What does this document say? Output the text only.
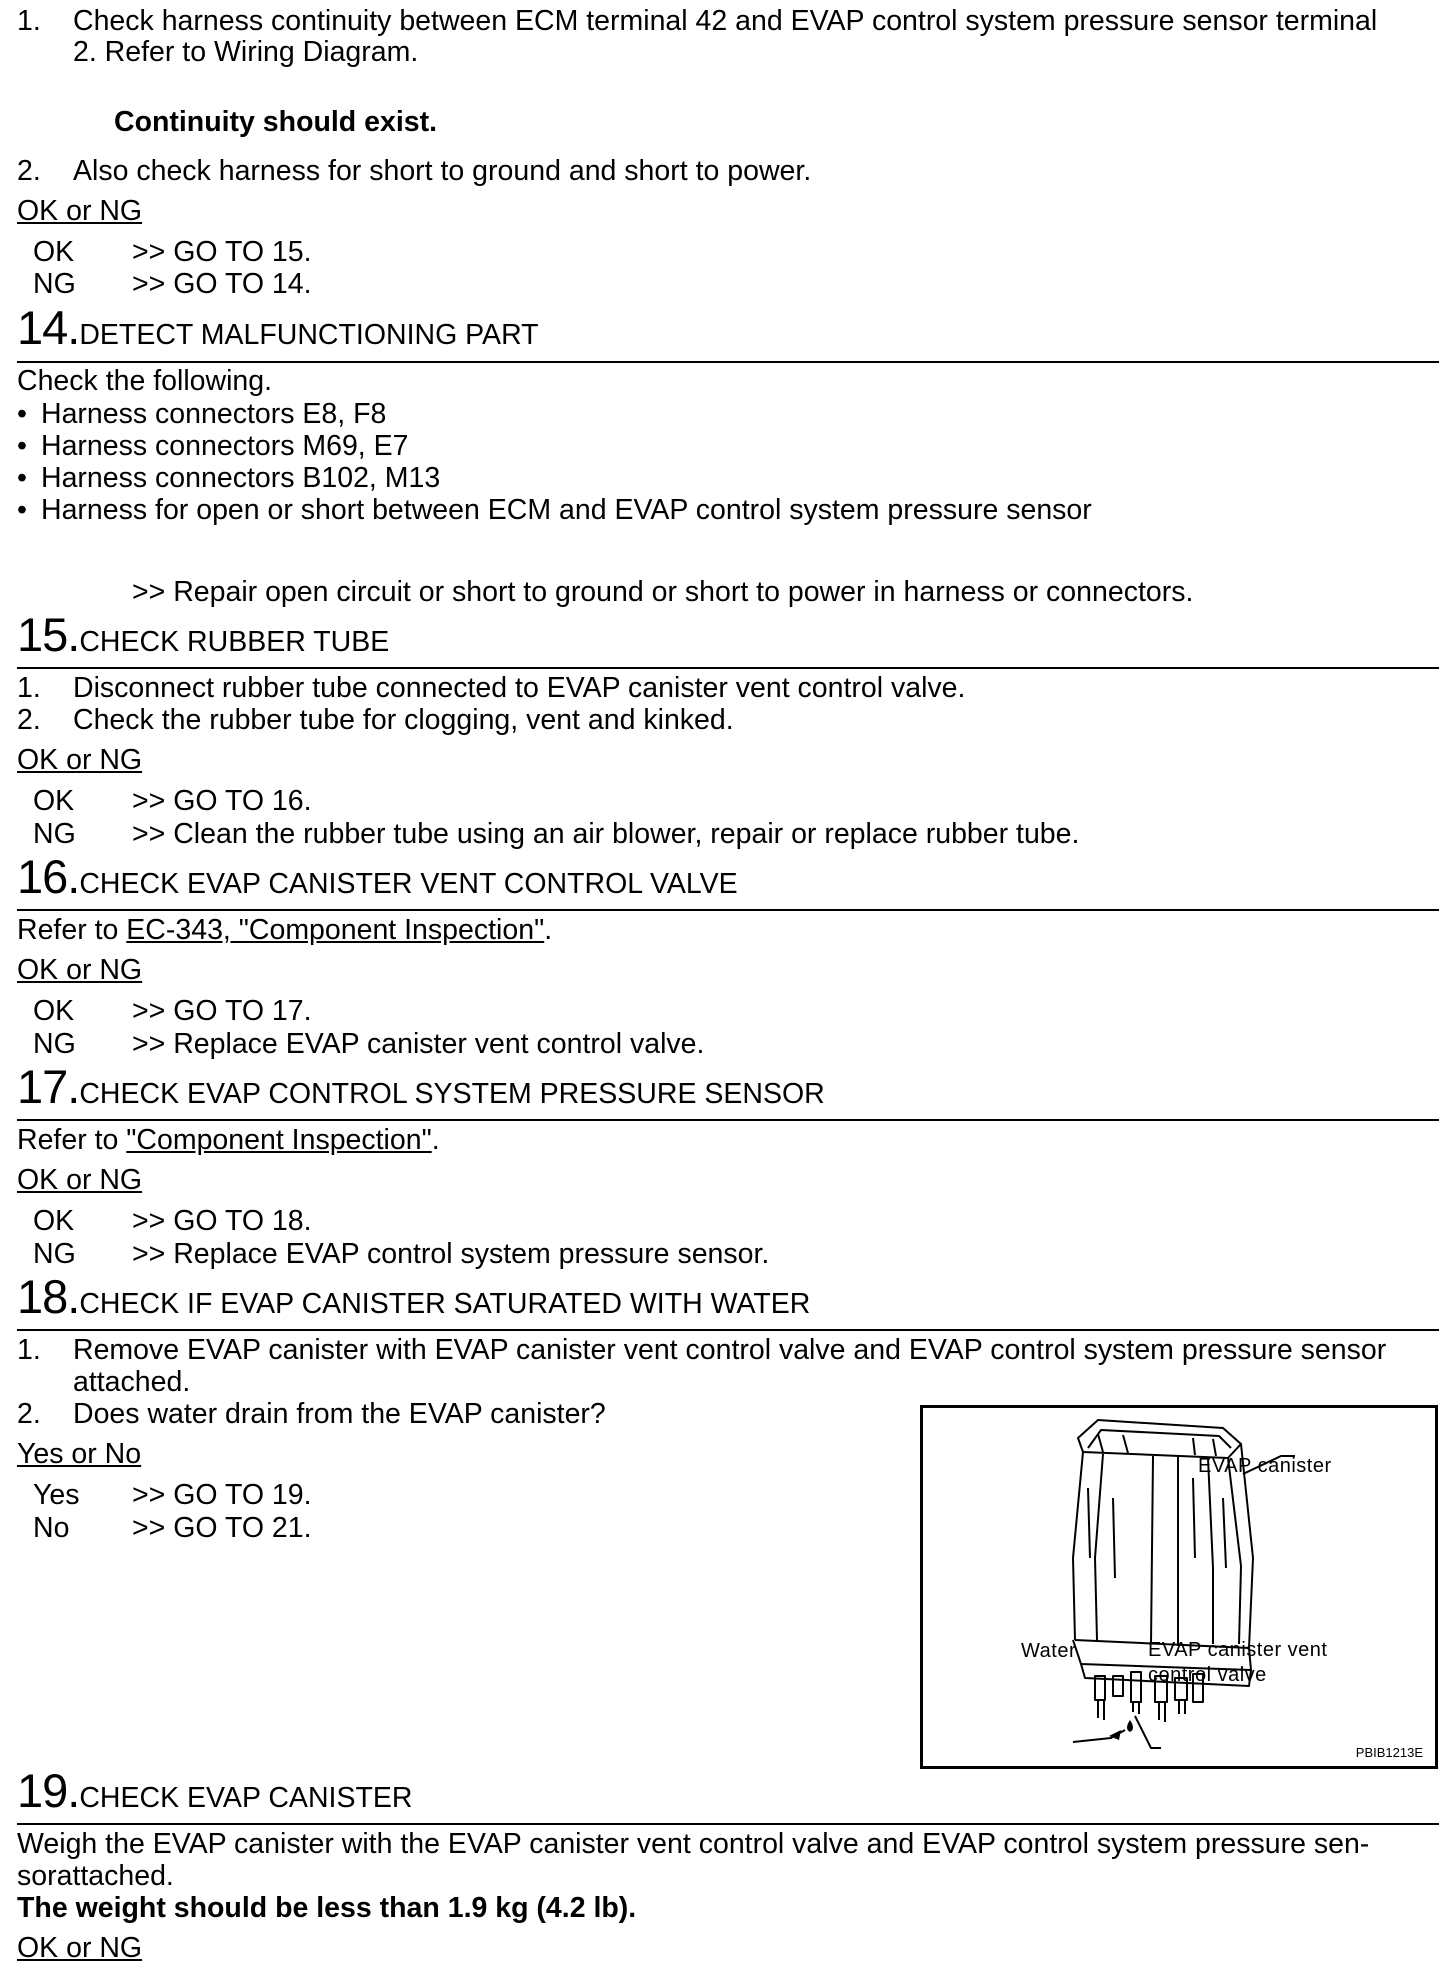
1.	Check harness continuity between ECM terminal 42 and EVAP control system pressure sensor terminal
2. Refer to Wiring Diagram.
Continuity should exist.
2.	Also check harness for short to ground and short to power.
OK or NG
OK >> GO TO 15.
NG >> GO TO 14.
14.DETECT MALFUNCTIONING PART
Check the following.
• Harness connectors E8, F8
• Harness connectors M69, E7
• Harness connectors B102, M13
• Harness for open or short between ECM and EVAP control system pressure sensor
>> Repair open circuit or short to ground or short to power in harness or connectors.
15.CHECK RUBBER TUBE
1.	Disconnect rubber tube connected to EVAP canister vent control valve.
2.	Check the rubber tube for clogging, vent and kinked.
OK or NG
OK >> GO TO 16.
NG >> Clean the rubber tube using an air blower, repair or replace rubber tube.
16.CHECK EVAP CANISTER VENT CONTROL VALVE
Refer to EC-343, "Component Inspection".
OK or NG
OK >> GO TO 17.
NG >> Replace EVAP canister vent control valve.
17.CHECK EVAP CONTROL SYSTEM PRESSURE SENSOR
Refer to "Component Inspection".
OK or NG
OK >> GO TO 18.
NG >> Replace EVAP control system pressure sensor.
18.CHECK IF EVAP CANISTER SATURATED WITH WATER
1.	Remove EVAP canister with EVAP canister vent control valve and EVAP control system pressure sensor
attached.
2.	Does water drain from the EVAP canister?
Yes or No
Yes >> GO TO 19.
No >> GO TO 21.
EVAP canister
Water	EVAP canister vent
control valve
PBIB1213E
19.CHECK EVAP CANISTER
Weigh the EVAP canister with the EVAP canister vent control valve and EVAP control system pressure sen-
sorattached.
The weight should be less than 1.9 kg (4.2 lb).
OK or NG
